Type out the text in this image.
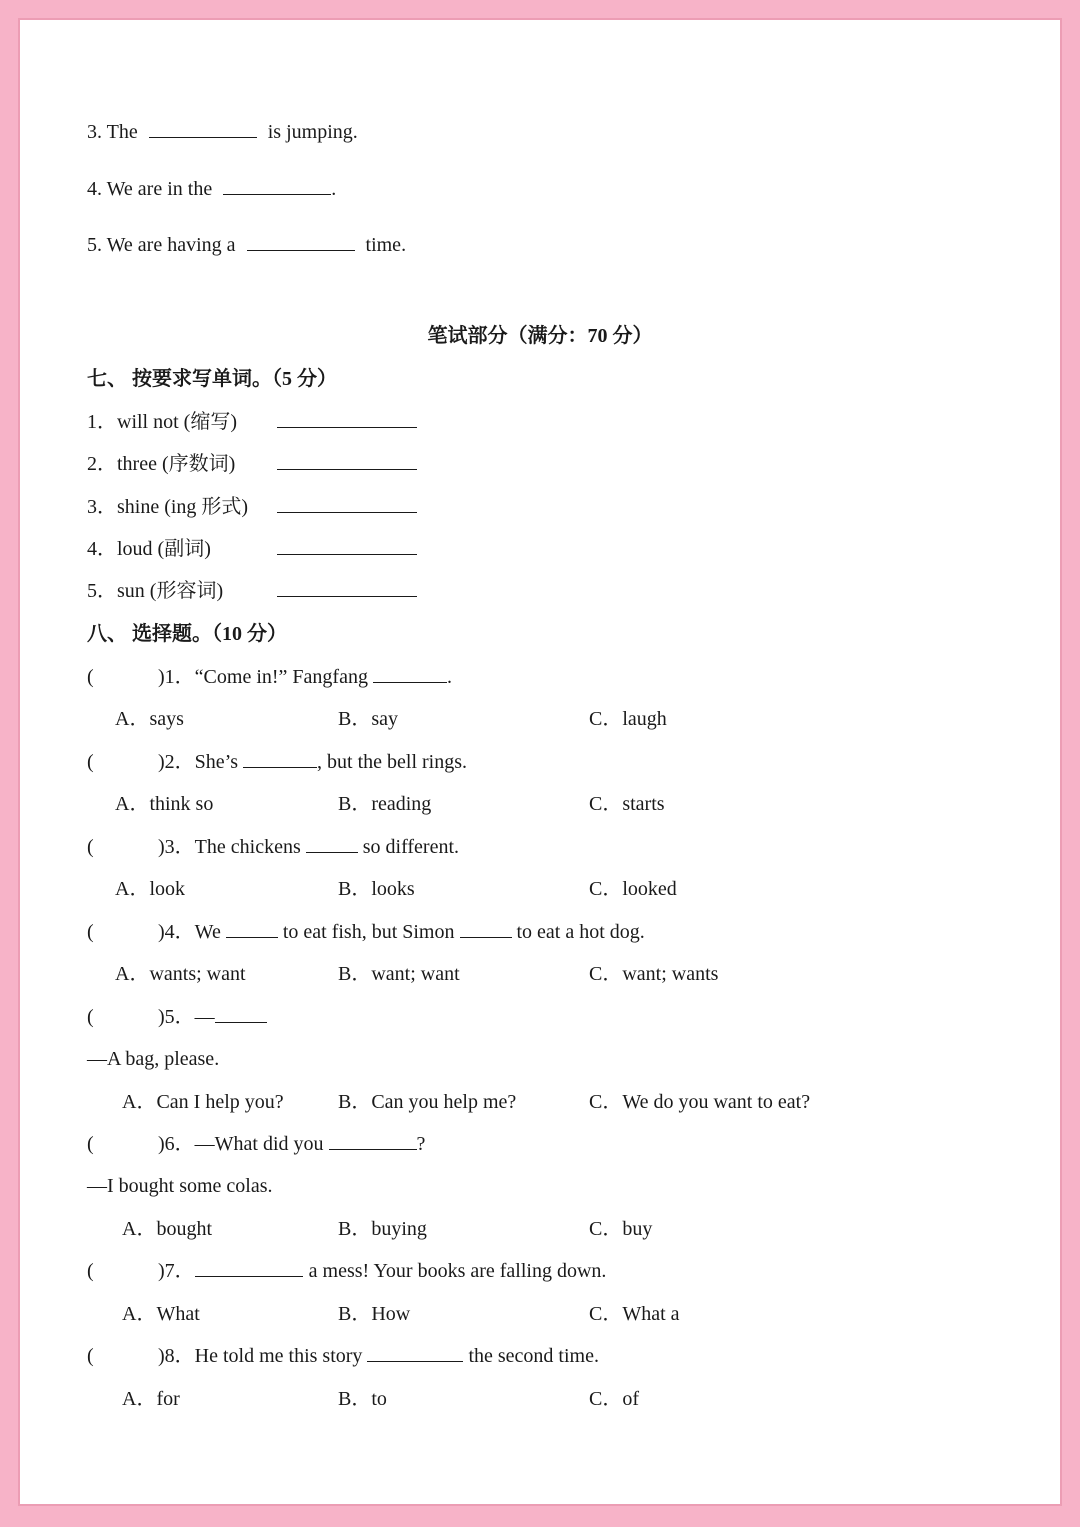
3. The	is jumping.
4. We are in the	.
5. We are having a	time.
笔试部分（满分：70 分）
七、 按要求写单词。（5 分）
1．will not (缩写)
2．three (序数词)
3．shine (ing 形式)
4．loud (副词)
5．sun (形容词)
八、 选择题。（10 分）
(	)1．“Come in!” Fangfang	.
A．says	B．say	C．laugh
(	)2．She’s	, but the bell rings.
A．think so	B．reading	C．starts
(	)3．The chickens	so different.
A．look	B．looks	C．looked
(	)4．We	to eat fish, but Simon	to eat a hot dog.
A．wants; want	B．want; want	C．want; wants
(	)5．—
—A bag, please.
A．Can I help you?	B．Can you help me?	C．We do you want to eat?
(	)6．—What did you	?
—I bought some colas.
A．bought	B．buying	C．buy
(	)7．	a mess! Your books are falling down.
A．What	B．How	C．What a
(	)8．He told me this story	the second time.
A．for	B．to	C．of
